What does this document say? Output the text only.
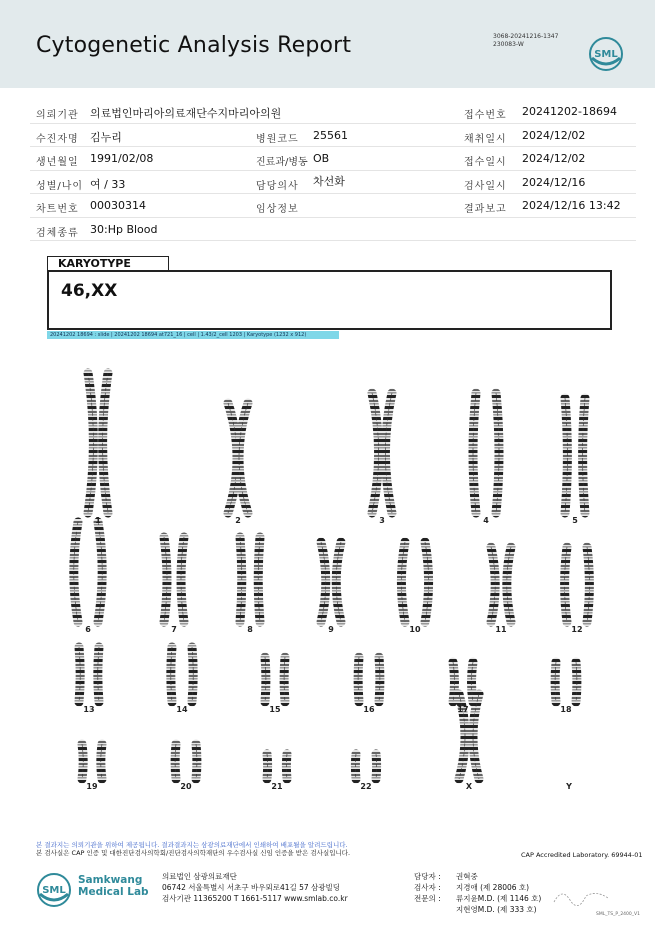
Cytogenetic Analysis Report	3068-20241216-1347
230083-W
SML
의뢰기관 의료법인마리아의료재단수지마리아의원	접수번호 20241202-18694
수진자명 김누리	병원코드 25561	채취일시 2024/12/02
생년월일 1991/02/08	진료과/병동 OB	접수일시 2024/12/02
성별/나이 여 / 33	담당의사 차선화	검사일시 2024/12/16
차트번호 00030314	임상정보	결과보고 2024/12/16 13:42
검체종류 30:Hp Blood
KARYOTYPE
46,XX
20241202 18694 : slide | 20241202 18694 at721_16 | cell | 1.43/2_cell 1203 | Karyotype (1232 x 912)
1	2	3	4	5
6	7	8	9	10	11	12
13	14	15	16	17	18
19	20	21	22	X	Y
본 결과지는 의뢰기관을 위하여 제공됩니다. 결과결과지는 삼광의료재단에서 인쇄하여 배포될을 알려드립니다.
본 검사실은 CAP 인증 및 대한진단검사의학회/진단검사의학재단의 우수검사실 신임 인증을 받은 검사실입니다.	CAP Accredited Laboratory. 69944-01
SML
Samkwang
Medical Lab
의료법인 삼광의료재단
06742 서울특별시 서초구 바우뫼로41길 57 삼광빌딩
검사기관 11365200 T 1661-5117 www.smlab.co.kr
담당자 : 권혁중
검사자 : 지경애 (제 28006 호)
전문의 : 류지윤M.D. (제 1146 호)
지현영M.D. (제 333 호)
SML_TS_P_2400_V1
